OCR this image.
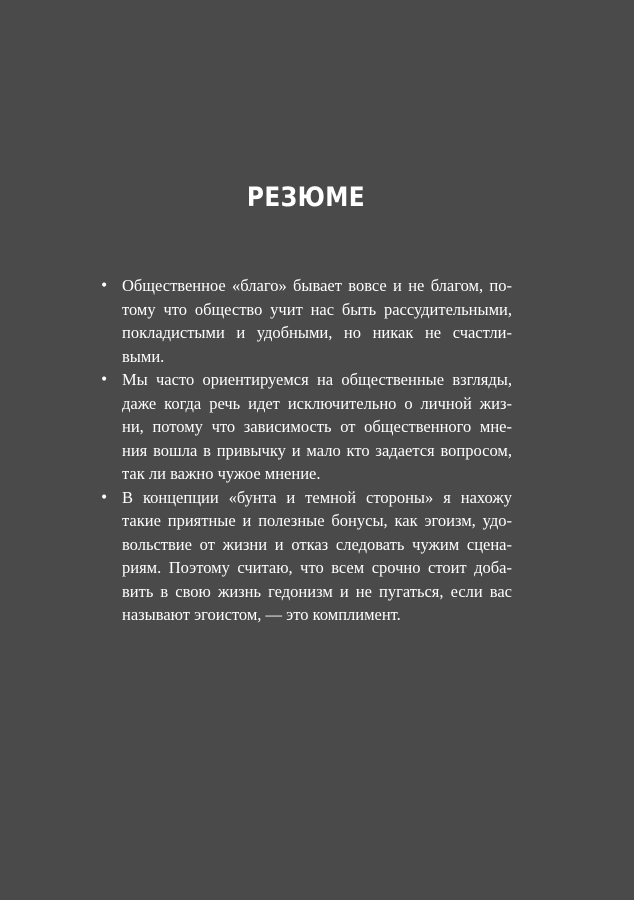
РЕЗЮМЕ
• Общественное «благо» бывает вовсе и не благом, по-
тому что общество учит нас быть рассудительными,
покладистыми и удобными, но никак не счастли-
выми.
• Мы часто ориентируемся на общественные взгляды,
даже когда речь идет исключительно о личной жиз-
ни, потому что зависимость от общественного мне-
ния вошла в привычку и мало кто задается вопросом,
так ли важно чужое мнение.
• В концепции «бунта и темной стороны» я нахожу
такие приятные и полезные бонусы, как эгоизм, удо-
вольствие от жизни и отказ следовать чужим сцена-
риям. Поэтому считаю, что всем срочно стоит доба-
вить в свою жизнь гедонизм и не пугаться, если вас
называют эгоистом, — это комплимент.
